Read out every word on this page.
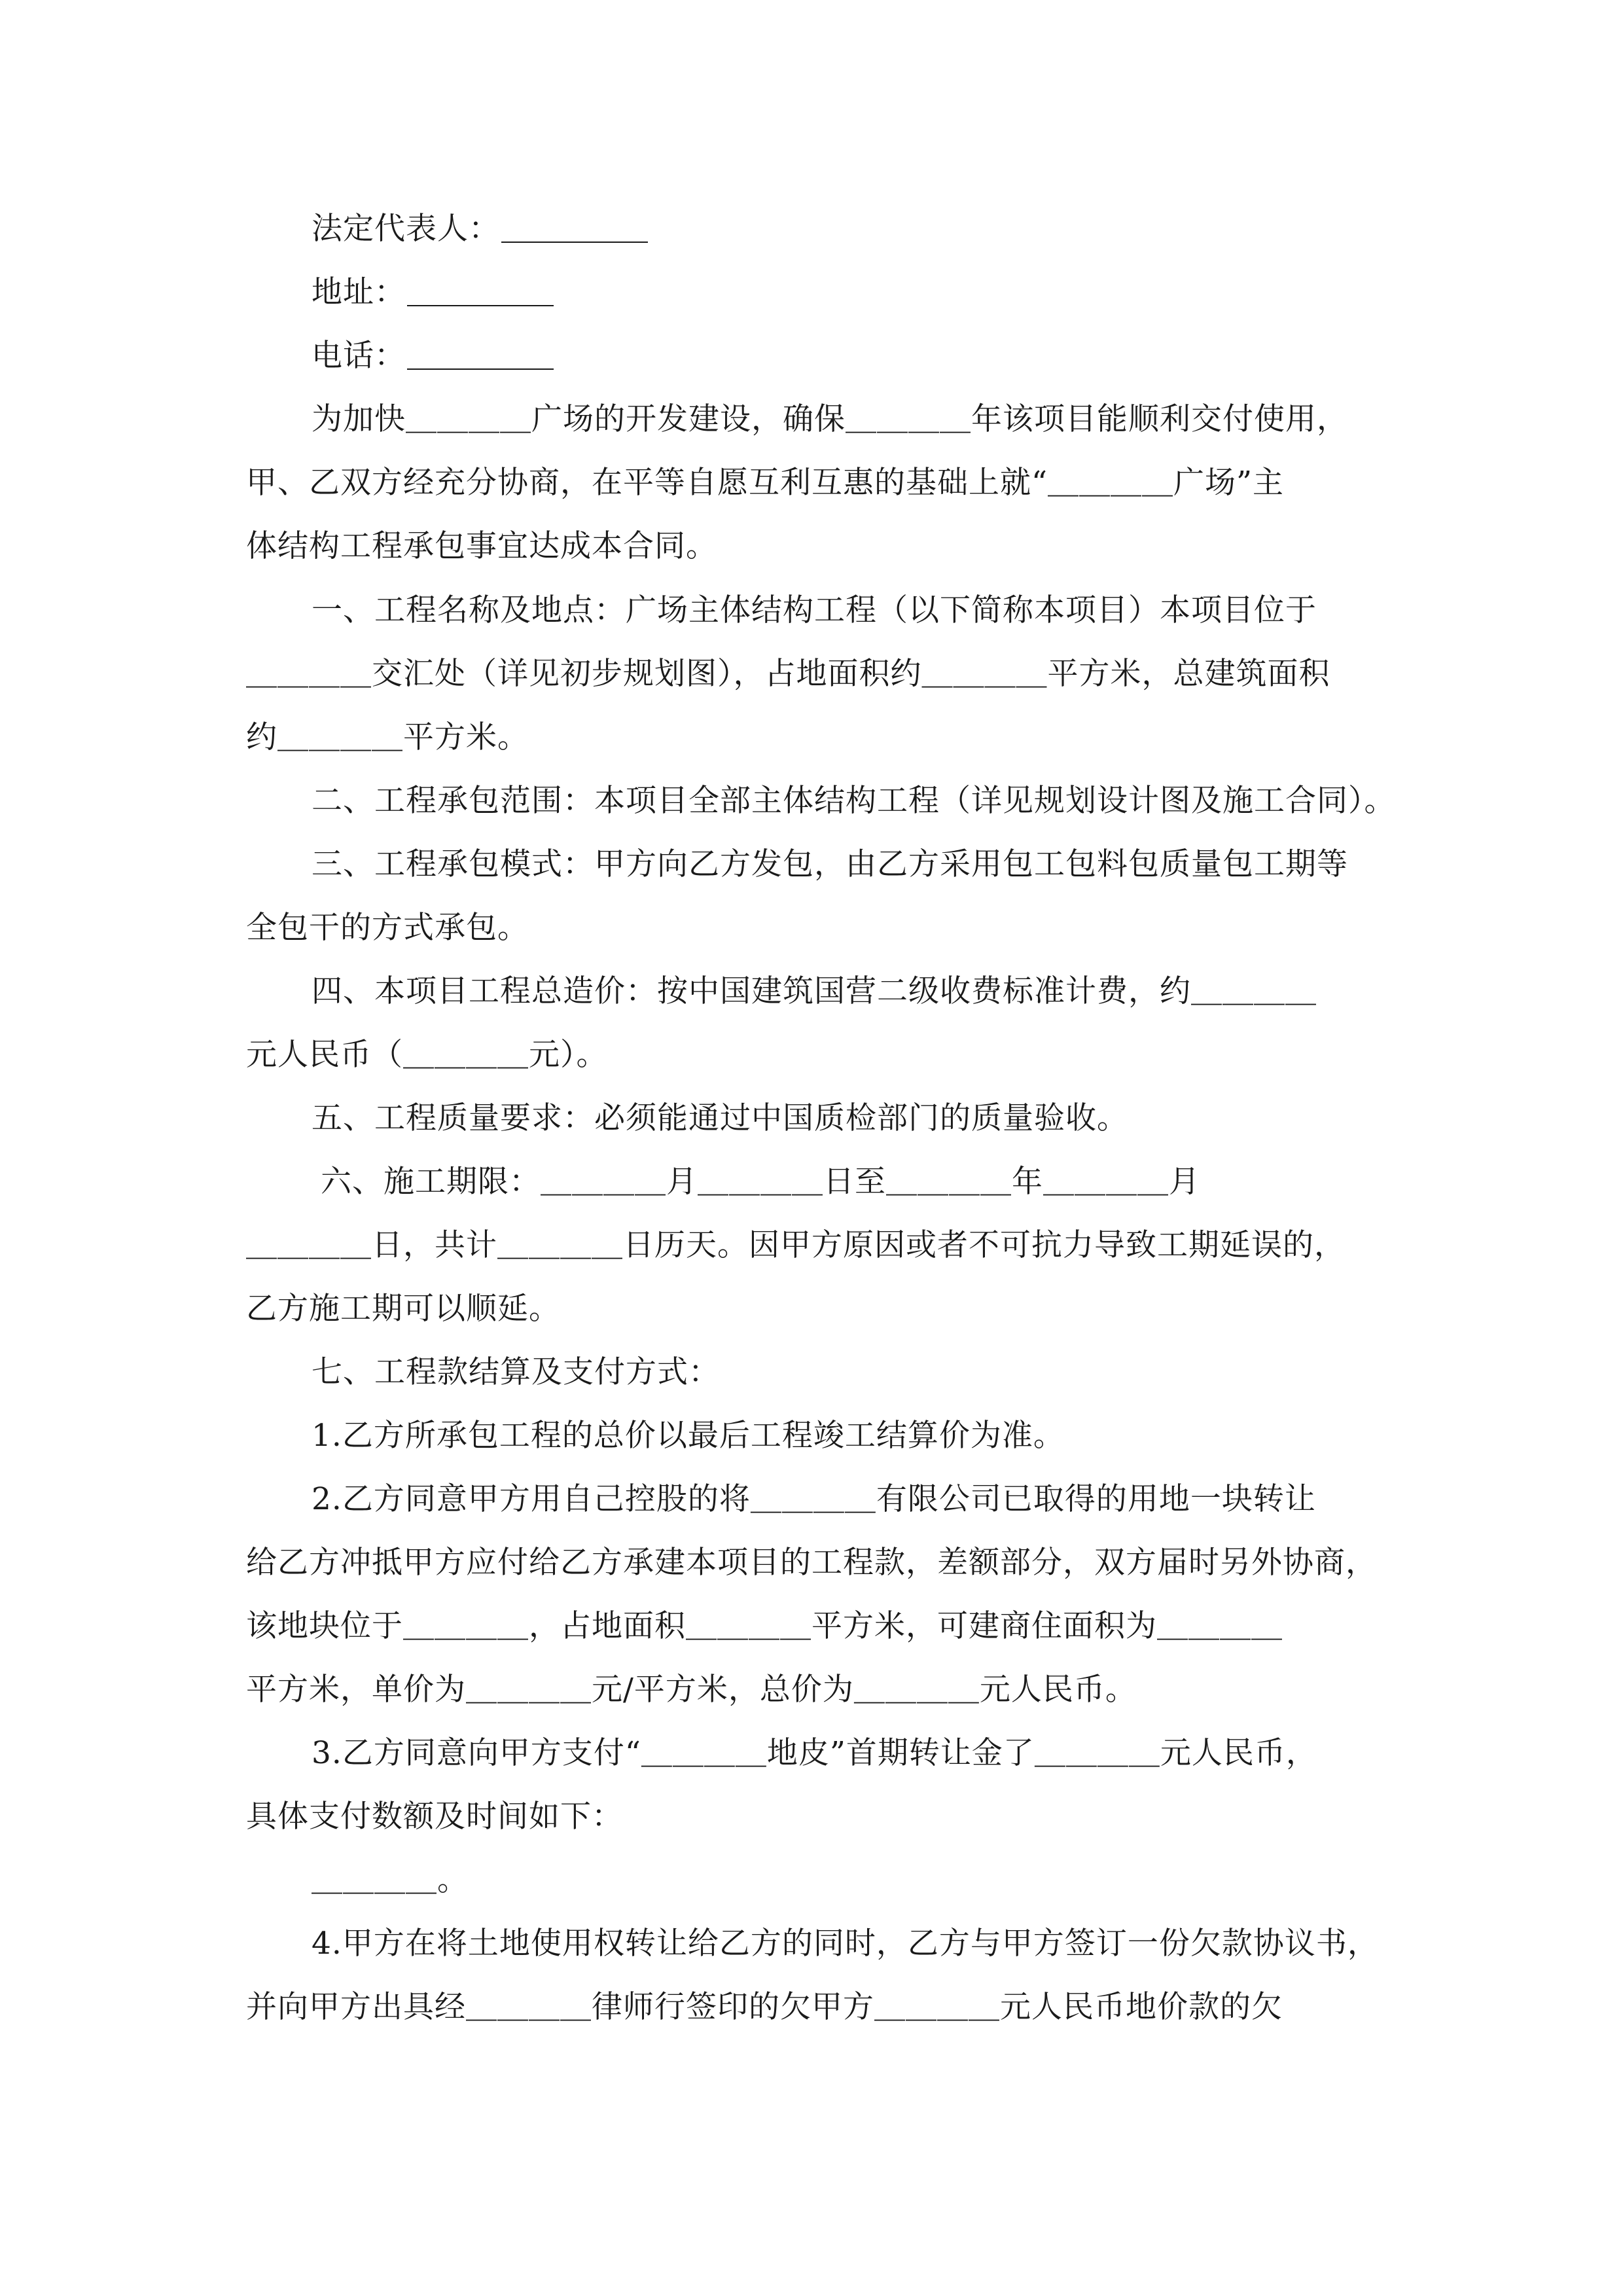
法定代表人：
地址：
电话：
为加快＿＿＿＿广场的开发建设，确保＿＿＿＿年该项目能顺利交付使用，
甲、乙双方经充分协商，在平等自愿互利互惠的基础上就“＿＿＿＿广场”主
体结构工程承包事宜达成本合同。
一、工程名称及地点：广场主体结构工程（以下简称本项目）本项目位于
＿＿＿＿交汇处（详见初步规划图），占地面积约＿＿＿＿平方米，总建筑面积
约＿＿＿＿平方米。
二、工程承包范围：本项目全部主体结构工程（详见规划设计图及施工合同）。
三、工程承包模式：甲方向乙方发包，由乙方采用包工包料包质量包工期等
全包干的方式承包。
四、本项目工程总造价：按中国建筑国营二级收费标准计费，约＿＿＿＿
元人民币（＿＿＿＿元）。
五、工程质量要求：必须能通过中国质检部门的质量验收。
六、施工期限：＿＿＿＿月＿＿＿＿日至＿＿＿＿年＿＿＿＿月
＿＿＿＿日，共计＿＿＿＿日历天。因甲方原因或者不可抗力导致工期延误的，
乙方施工期可以顺延。
七、工程款结算及支付方式：
1.乙方所承包工程的总价以最后工程竣工结算价为准。
2.乙方同意甲方用自己控股的将＿＿＿＿有限公司已取得的用地一块转让
给乙方冲抵甲方应付给乙方承建本项目的工程款，差额部分，双方届时另外协商，
该地块位于＿＿＿＿，占地面积＿＿＿＿平方米，可建商住面积为＿＿＿＿
平方米，单价为＿＿＿＿元/平方米，总价为＿＿＿＿元人民币。
3.乙方同意向甲方支付“＿＿＿＿地皮”首期转让金了＿＿＿＿元人民币，
具体支付数额及时间如下：
＿＿＿＿。
4.甲方在将土地使用权转让给乙方的同时，乙方与甲方签订一份欠款协议书，
并向甲方出具经＿＿＿＿律师行签印的欠甲方＿＿＿＿元人民币地价款的欠
